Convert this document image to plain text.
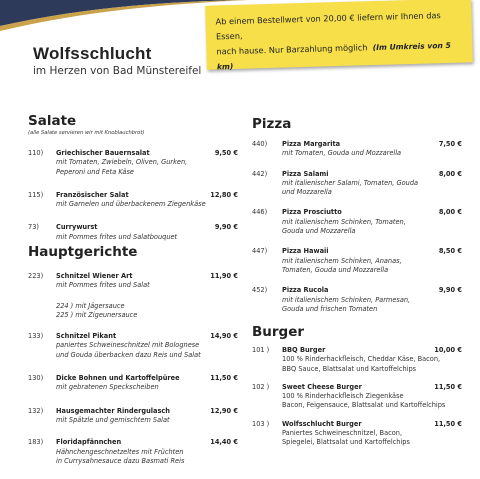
Wolfsschlucht
im Herzen von Bad Münstereifel
Ab einem Bestellwert von 20,00 € liefern wir Ihnen das Essen,
nach hause. Nur Barzahlung möglich (Im Umkreis von 5 km)
Salate
(alle Salate servieren wir mit Knoblauchbrot)
110)	Griechischer Bauernsalat	9,50 €
mit Tomaten, Zwiebeln, Oliven, Gurken,
Peperoni und Feta Käse
115)	Französischer Salat	12,80 €
mit Garnelen und überbackenem Ziegenkäse
73)	Currywurst	9,90 €
mit Pommes frites und Salatbouquet
Hauptgerichte
223)	Schnitzel Wiener Art	11,90 €
mit Pommes frites und Salat
224 ) mit Jägersauce
225 ) mit Zigeunersauce
133)	Schnitzel Pikant	14,90 €
paniertes Schweineschnitzel mit Bolognese
und Gouda überbacken dazu Reis und Salat
130)	Dicke Bohnen und Kartoffelpüree	11,50 €
mit gebratenen Speckscheiben
132)	Hausgemachter Rindergulasch	12,90 €
mit Spätzle und gemischtem Salat
183)	Floridapfännchen	14,40 €
Hähnchengeschnetzeltes mit Früchten
in Currysahnesauce dazu Basmati Reis
Pizza
440)	Pizza Margarita	7,50 €
mit Tomaten, Gouda und Mozzarella
442)	Pizza Salami	8,00 €
mit italienischer Salami, Tomaten, Gouda
und Mozzarella
446)	Pizza Prosciutto	8,00 €
mit italienischem Schinken, Tomaten,
Gouda und Mozzarella
447)	Pizza Hawaii	8,50 €
mit italienischem Schinken, Ananas,
Tomaten, Gouda und Mozzarella
452)	Pizza Rucola	9,90 €
mit italienischem Schinken, Parmesan,
Gouda und frischen Tomaten
Burger
101 )	BBQ Burger	10,00 €
100 % Rinderhackfleisch, Cheddar Käse, Bacon,
BBQ Sauce, Blattsalat und Kartoffelchips
102 )	Sweet Cheese Burger	11,50 €
100 % Rinderhackfleisch Ziegenkäse
Bacon, Feigensauce, Blattsalat und Kartoffelchips
103 )	Wolfsschlucht Burger	11,50 €
Paniertes Schweineschnitzel, Bacon,
Spiegelei, Blattsalat und Kartoffelchips
